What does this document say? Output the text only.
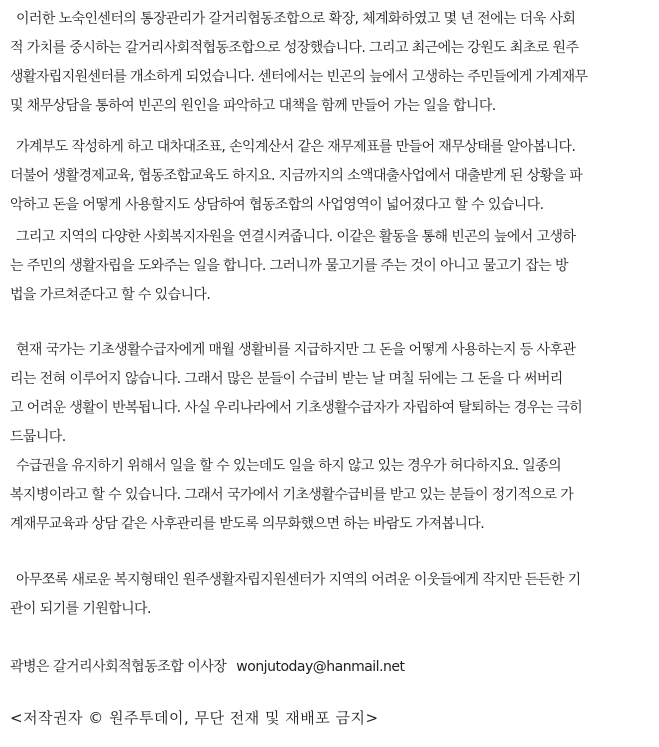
이러한 노숙인센터의 통장관리가 갈거리협동조합으로 확장, 체계화하였고 몇 년 전에는 더욱 사회
적 가치를 중시하는 갈거리사회적협동조합으로 성장했습니다. 그리고 최근에는 강원도 최초로 원주
생활자립지원센터를 개소하게 되었습니다. 센터에서는 빈곤의 늪에서 고생하는 주민들에게 가계재무
및 채무상담을 통하여 빈곤의 원인을 파악하고 대책을 함께 만들어 가는 일을 합니다.

가계부도 작성하게 하고 대차대조표, 손익계산서 같은 재무제표를 만들어 재무상태를 알아봅니다.
더불어 생활경제교육, 협동조합교육도 하지요. 지금까지의 소액대출사업에서 대출받게 된 상황을 파
악하고 돈을 어떻게 사용할지도 상담하여 협동조합의 사업영역이 넓어졌다고 할 수 있습니다.

그리고 지역의 다양한 사회복지자원을 연결시켜줍니다. 이같은 활동을 통해 빈곤의 늪에서 고생하
는 주민의 생활자립을 도와주는 일을 합니다. 그러니까 물고기를 주는 것이 아니고 물고기 잡는 방
법을 가르쳐준다고 할 수 있습니다.

현재 국가는 기초생활수급자에게 매월 생활비를 지급하지만 그 돈을 어떻게 사용하는지 등 사후관
리는 전혀 이루어지 않습니다. 그래서 많은 분들이 수급비 받는 날 며칠 뒤에는 그 돈을 다 써버리
고 어려운 생활이 반복됩니다. 사실 우리나라에서 기초생활수급자가 자립하여 탈퇴하는 경우는 극히
드뭅니다.

수급권을 유지하기 위해서 일을 할 수 있는데도 일을 하지 않고 있는 경우가 허다하지요. 일종의
복지병이라고 할 수 있습니다. 그래서 국가에서 기초생활수급비를 받고 있는 분들이 정기적으로 가
계재무교육과 상담 같은 사후관리를 받도록 의무화했으면 하는 바람도 가져봅니다.

아무쪼록 새로운 복지형태인 원주생활자립지원센터가 지역의 어려운 이웃들에게 작지만 든든한 기
관이 되기를 기원합니다.

곽병은 갈거리사회적협동조합 이사장 wonjutoday@hanmail.net
<저작권자 © 원주투데이, 무단 전재 및 재배포 금지>
